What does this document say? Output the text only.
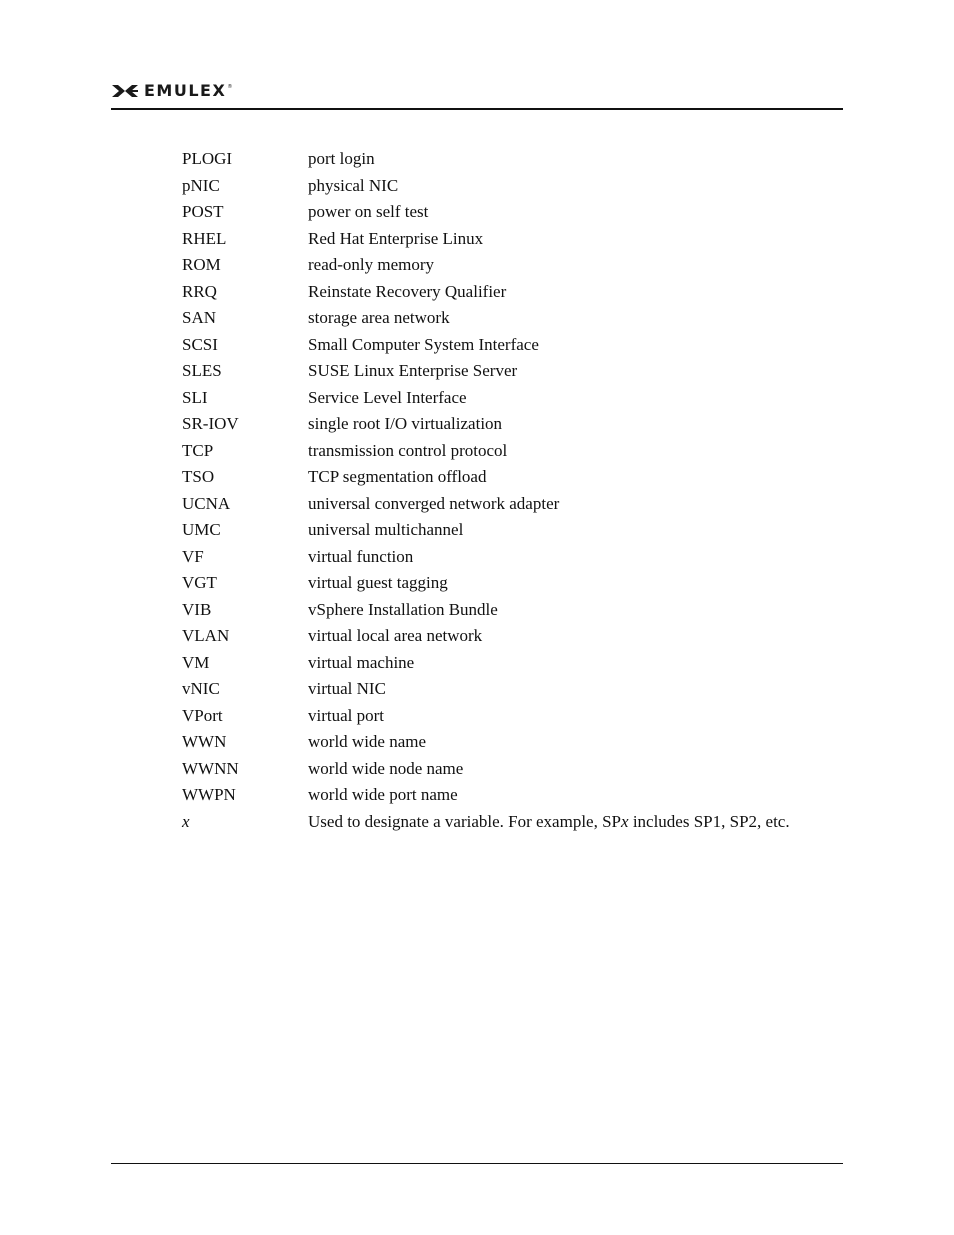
EMULEX ®
PLOGI	port login
pNIC	physical NIC
POST	power on self test
RHEL	Red Hat Enterprise Linux
ROM	read-only memory
RRQ	Reinstate Recovery Qualifier
SAN	storage area network
SCSI	Small Computer System Interface
SLES	SUSE Linux Enterprise Server
SLI	Service Level Interface
SR-IOV	single root I/O virtualization
TCP	transmission control protocol
TSO	TCP segmentation offload
UCNA	universal converged network adapter
UMC	universal multichannel
VF	virtual function
VGT	virtual guest tagging
VIB	vSphere Installation Bundle
VLAN	virtual local area network
VM	virtual machine
vNIC	virtual NIC
VPort	virtual port
WWN	world wide name
WWNN	world wide node name
WWPN	world wide port name
x	Used to designate a variable. For example, SPx includes SP1, SP2, etc.
